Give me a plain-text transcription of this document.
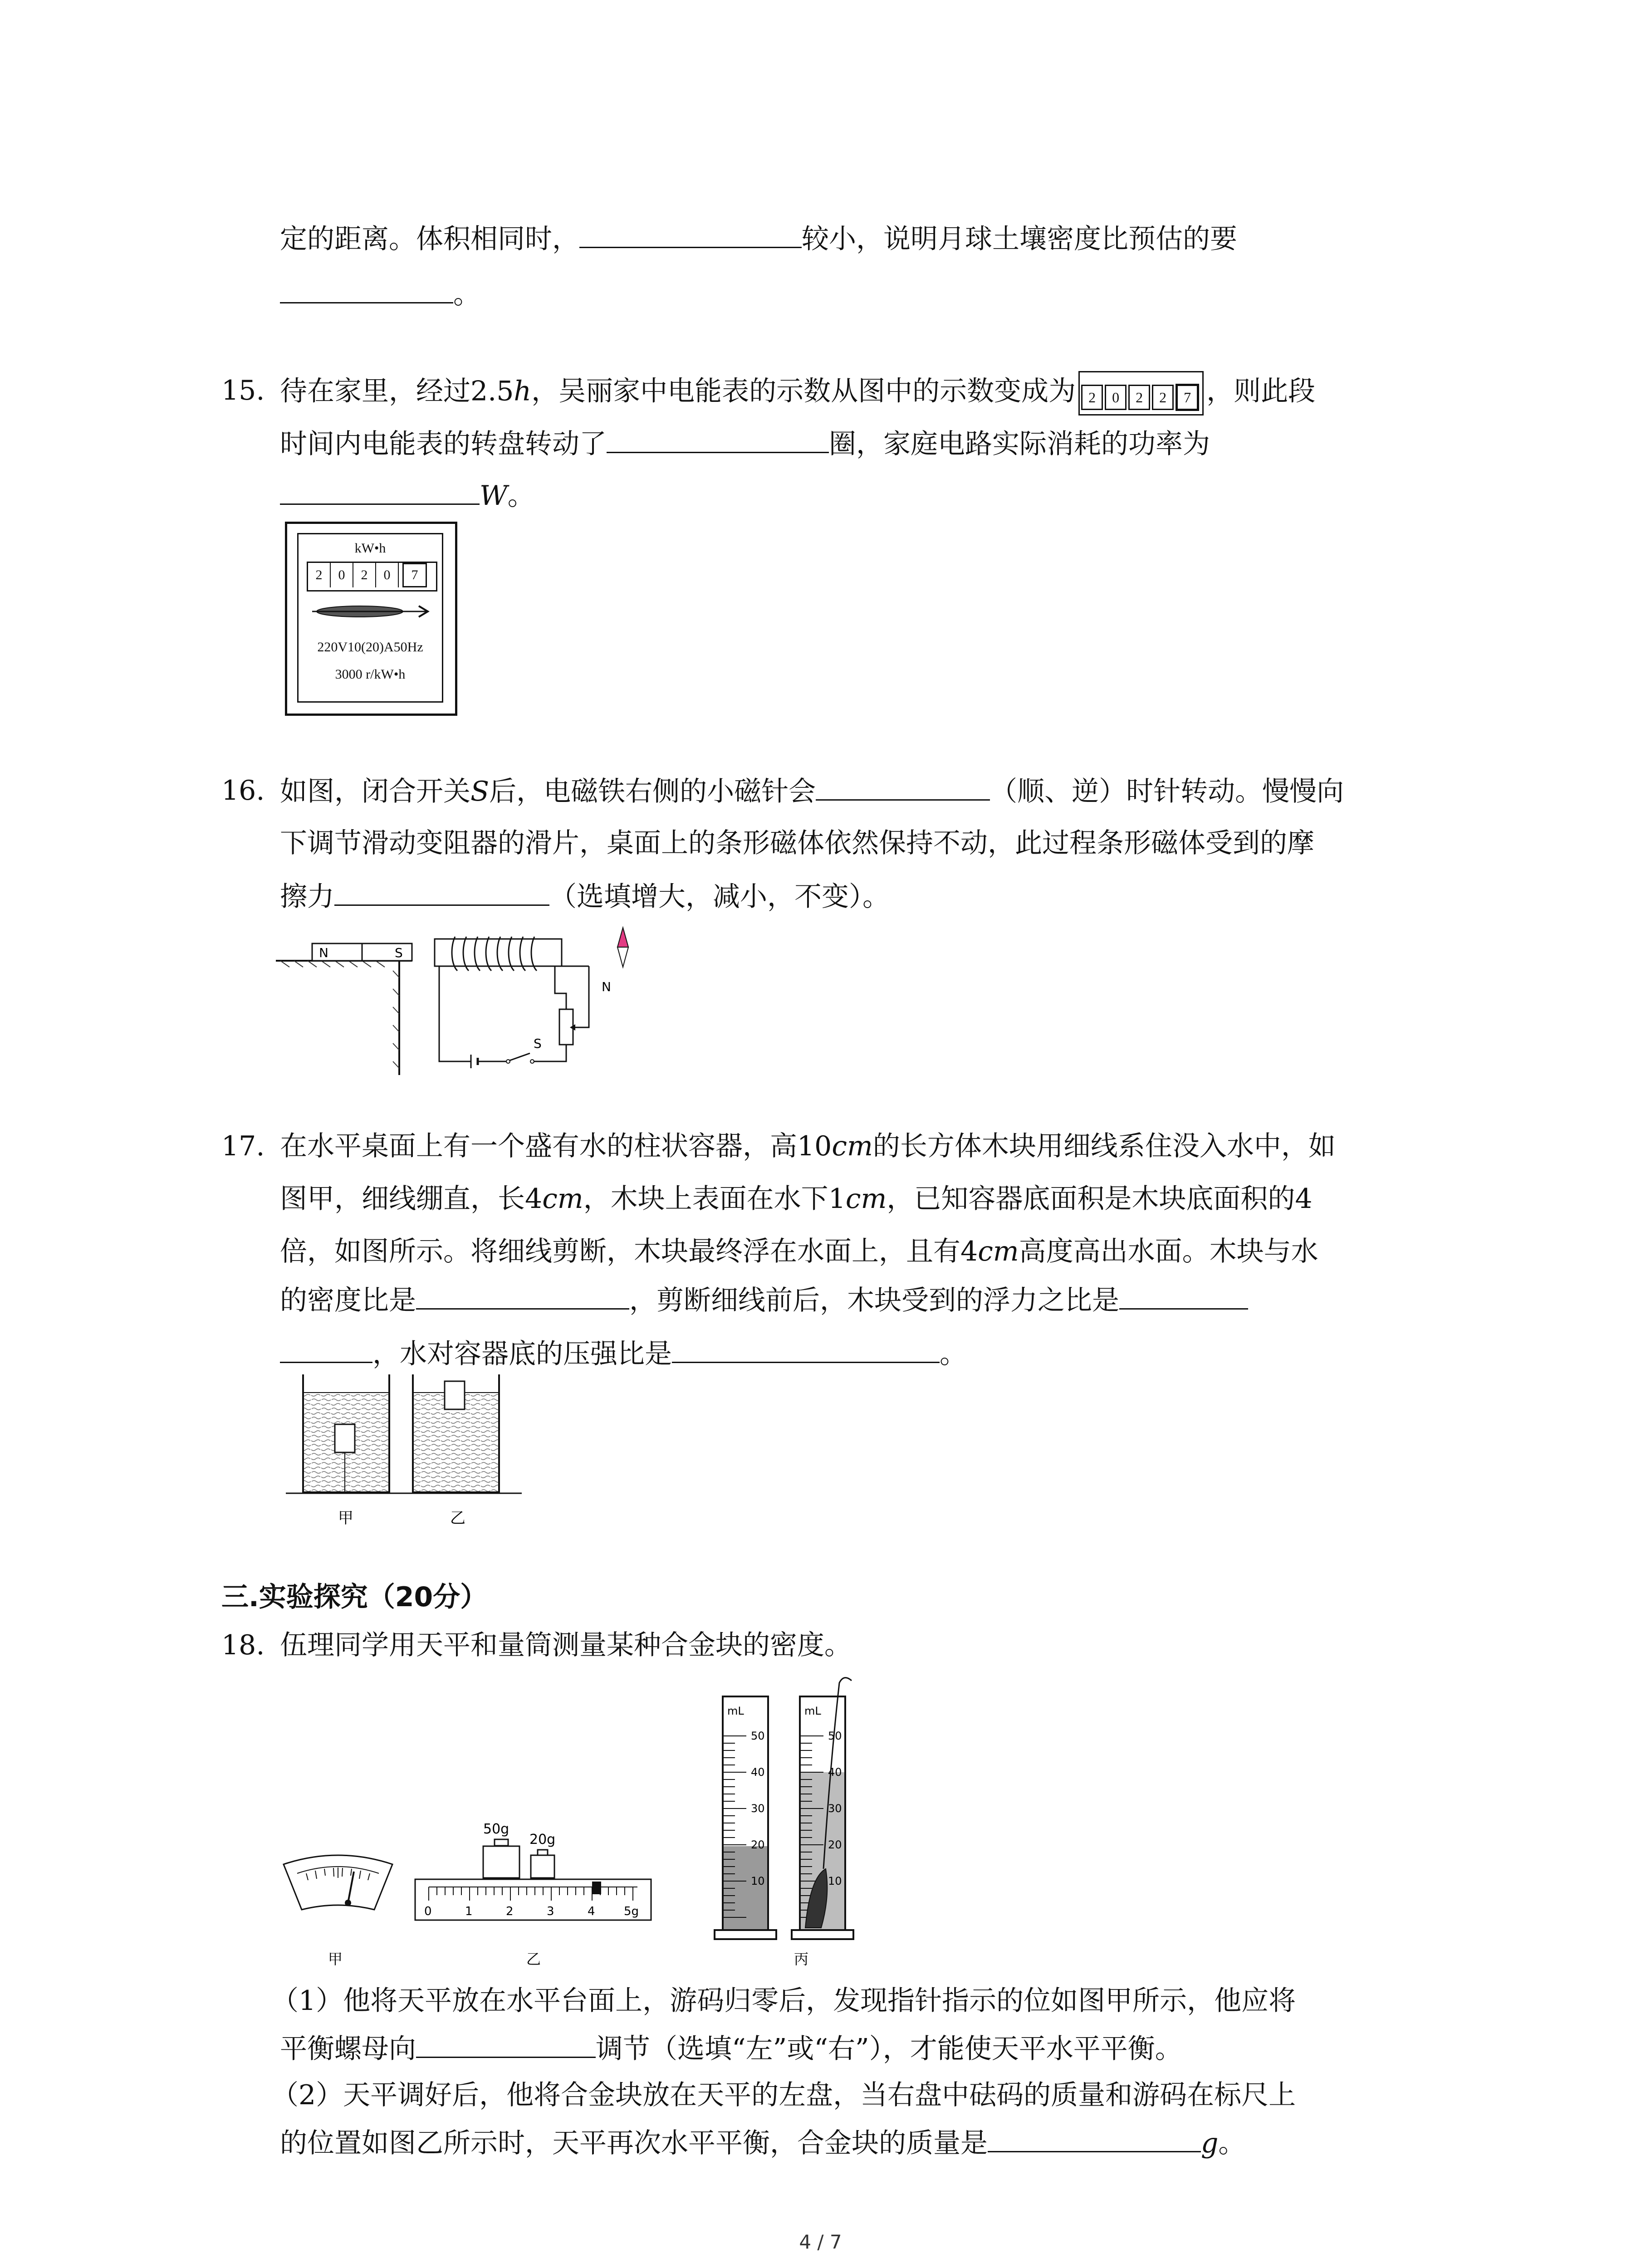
定的距离。体积相同时，	较小，说明月球土壤密度比预估的要
。
15. 待在家里，经过2.5h，吴丽家中电能表的示数从图中的示数变成为 2 0 2 2 7 ，则此段
时间内电能表的转盘转动了	圈，家庭电路实际消耗的功率为
W。
kW•h
2 0 2 0 7
220V10(20)A50Hz
3000 r/kW•h
16. 如图，闭合开关S后，电磁铁右侧的小磁针会	（顺、逆）时针转动。慢慢向
下调节滑动变阻器的滑片，桌面上的条形磁体依然保持不动，此过程条形磁体受到的摩
擦力	（选填增大，减小，不变）。
N	S
S
N
17. 在水平桌面上有一个盛有水的柱状容器，高10cm的长方体木块用细线系住没入水中，如
图甲，细线绷直，长4cm，木块上表面在水下1cm，已知容器底面积是木块底面积的4
倍，如图所示。将细线剪断，木块最终浮在水面上，且有4cm高度高出水面。木块与水
的密度比是	，剪断细线前后，木块受到的浮力之比是
，水对容器底的压强比是	。
甲	乙
三.实验探究（20分）
18. 伍理同学用天平和量筒测量某种合金块的密度。
甲
50g
20g
0	1	2	3	4 5g
乙
mL
50
40
30
20
10
mL
50
40
30
20
10
丙
（1）他将天平放在水平台面上，游码归零后，发现指针指示的位如图甲所示，他应将
平衡螺母向	调节（选填“左”或“右”），才能使天平水平平衡。
（2）天平调好后，他将合金块放在天平的左盘，当右盘中砝码的质量和游码在标尺上
的位置如图乙所示时，天平再次水平平衡，合金块的质量是	g。
4 / 7
